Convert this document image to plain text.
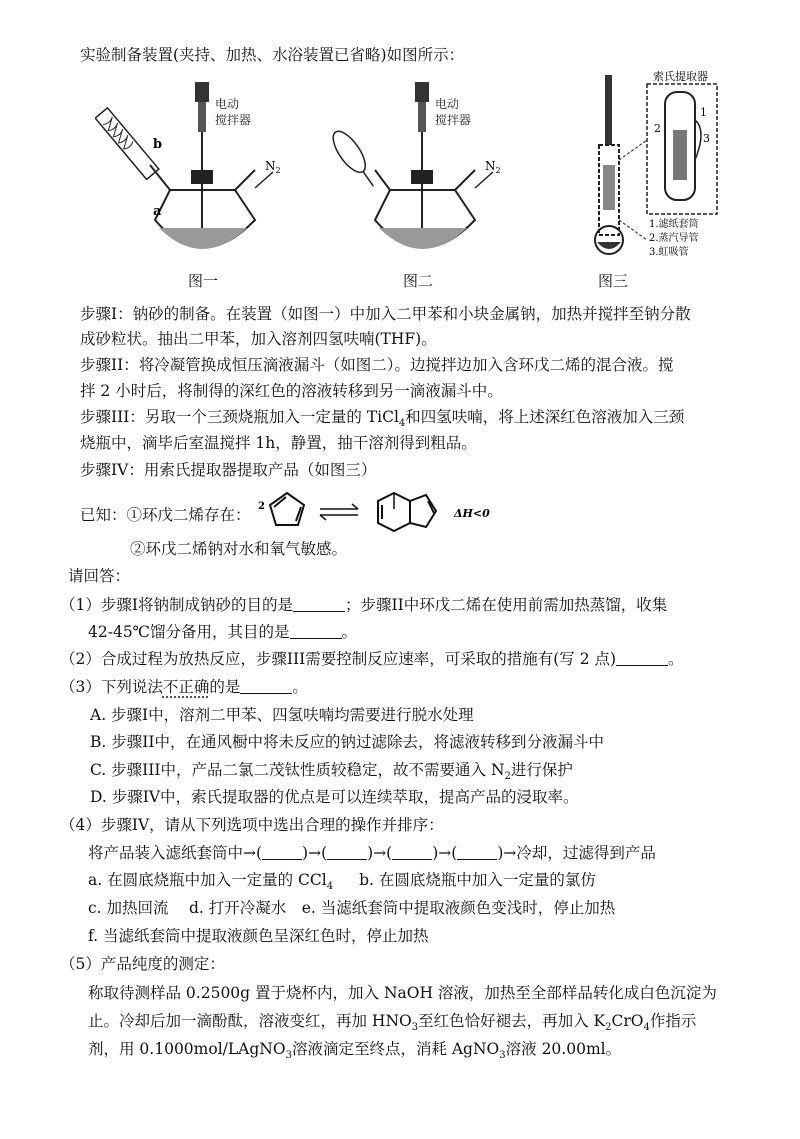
实验制备装置(夹持、加热、水浴装置已省略)如图所示：
电动
搅拌器
b
a
$N_2$
图一
电动
搅拌器
$N_2$
图二
索氏提取器
2
1
3
1.滤纸套筒
2.蒸汽导管
3.虹吸管
图三
步骤I：钠砂的制备。在装置（如图一）中加入二甲苯和小块金属钠，加热并搅拌至钠分散
成砂粒状。抽出二甲苯，加入溶剂四氢呋喃(THF)。
步骤II：将冷凝管换成恒压滴液漏斗（如图二）。边搅拌边加入含环戊二烯的混合液。搅
拌 2 小时后，将制得的深红色的溶液转移到另一滴液漏斗中。
步骤III：另取一个三颈烧瓶加入一定量的 TiCl$_4$和四氢呋喃，将上述深红色溶液加入三颈
烧瓶中，滴毕后室温搅拌 1h，静置，抽干溶剂得到粗品。
步骤IV：用索氏提取器提取产品（如图三）
已知：①环戊二烯存在： 2
ΔH<0
②环戊二烯钠对水和氧气敏感。
请回答：
（1）步骤I将钠制成钠砂的目的是	；步骤II中环戊二烯在使用前需加热蒸馏，收集
42-45℃馏分备用，其目的是	。
（2）合成过程为放热反应，步骤III需要控制反应速率，可采取的措施有(写 2 点)	。
（3）下列说法不正确的是	。
A. 步骤I中，溶剂二甲苯、四氢呋喃均需要进行脱水处理
B. 步骤II中，在通风橱中将未反应的钠过滤除去，将滤液转移到分液漏斗中
C. 步骤III中，产品二氯二茂钛性质较稳定，故不需要通入 $N_2$进行保护
D. 步骤IV中，索氏提取器的优点是可以连续萃取，提高产品的浸取率。
（4）步骤IV，请从下列选项中选出合理的操作并排序：
将产品装入滤纸套筒中→(	)→(	)→(	)→(	)→冷却，过滤得到产品
a. 在圆底烧瓶中加入一定量的 CCl$_4$ b. 在圆底烧瓶中加入一定量的氯仿
c. 加热回流　 d. 打开冷凝水　e. 当滤纸套筒中提取液颜色变浅时，停止加热
f. 当滤纸套筒中提取液颜色呈深红色时，停止加热
（5）产品纯度的测定：
称取待测样品 0.2500g 置于烧杯内，加入 NaOH 溶液，加热至全部样品转化成白色沉淀为
止。冷却后加一滴酚酞，溶液变红，再加 $HNO_3$至红色恰好褪去，再加入 $K_2CrO_4$作指示
剂，用 0.1000mol/LAgNO$_3$溶液滴定至终点，消耗 AgNO$_3$溶液 20.00ml。
